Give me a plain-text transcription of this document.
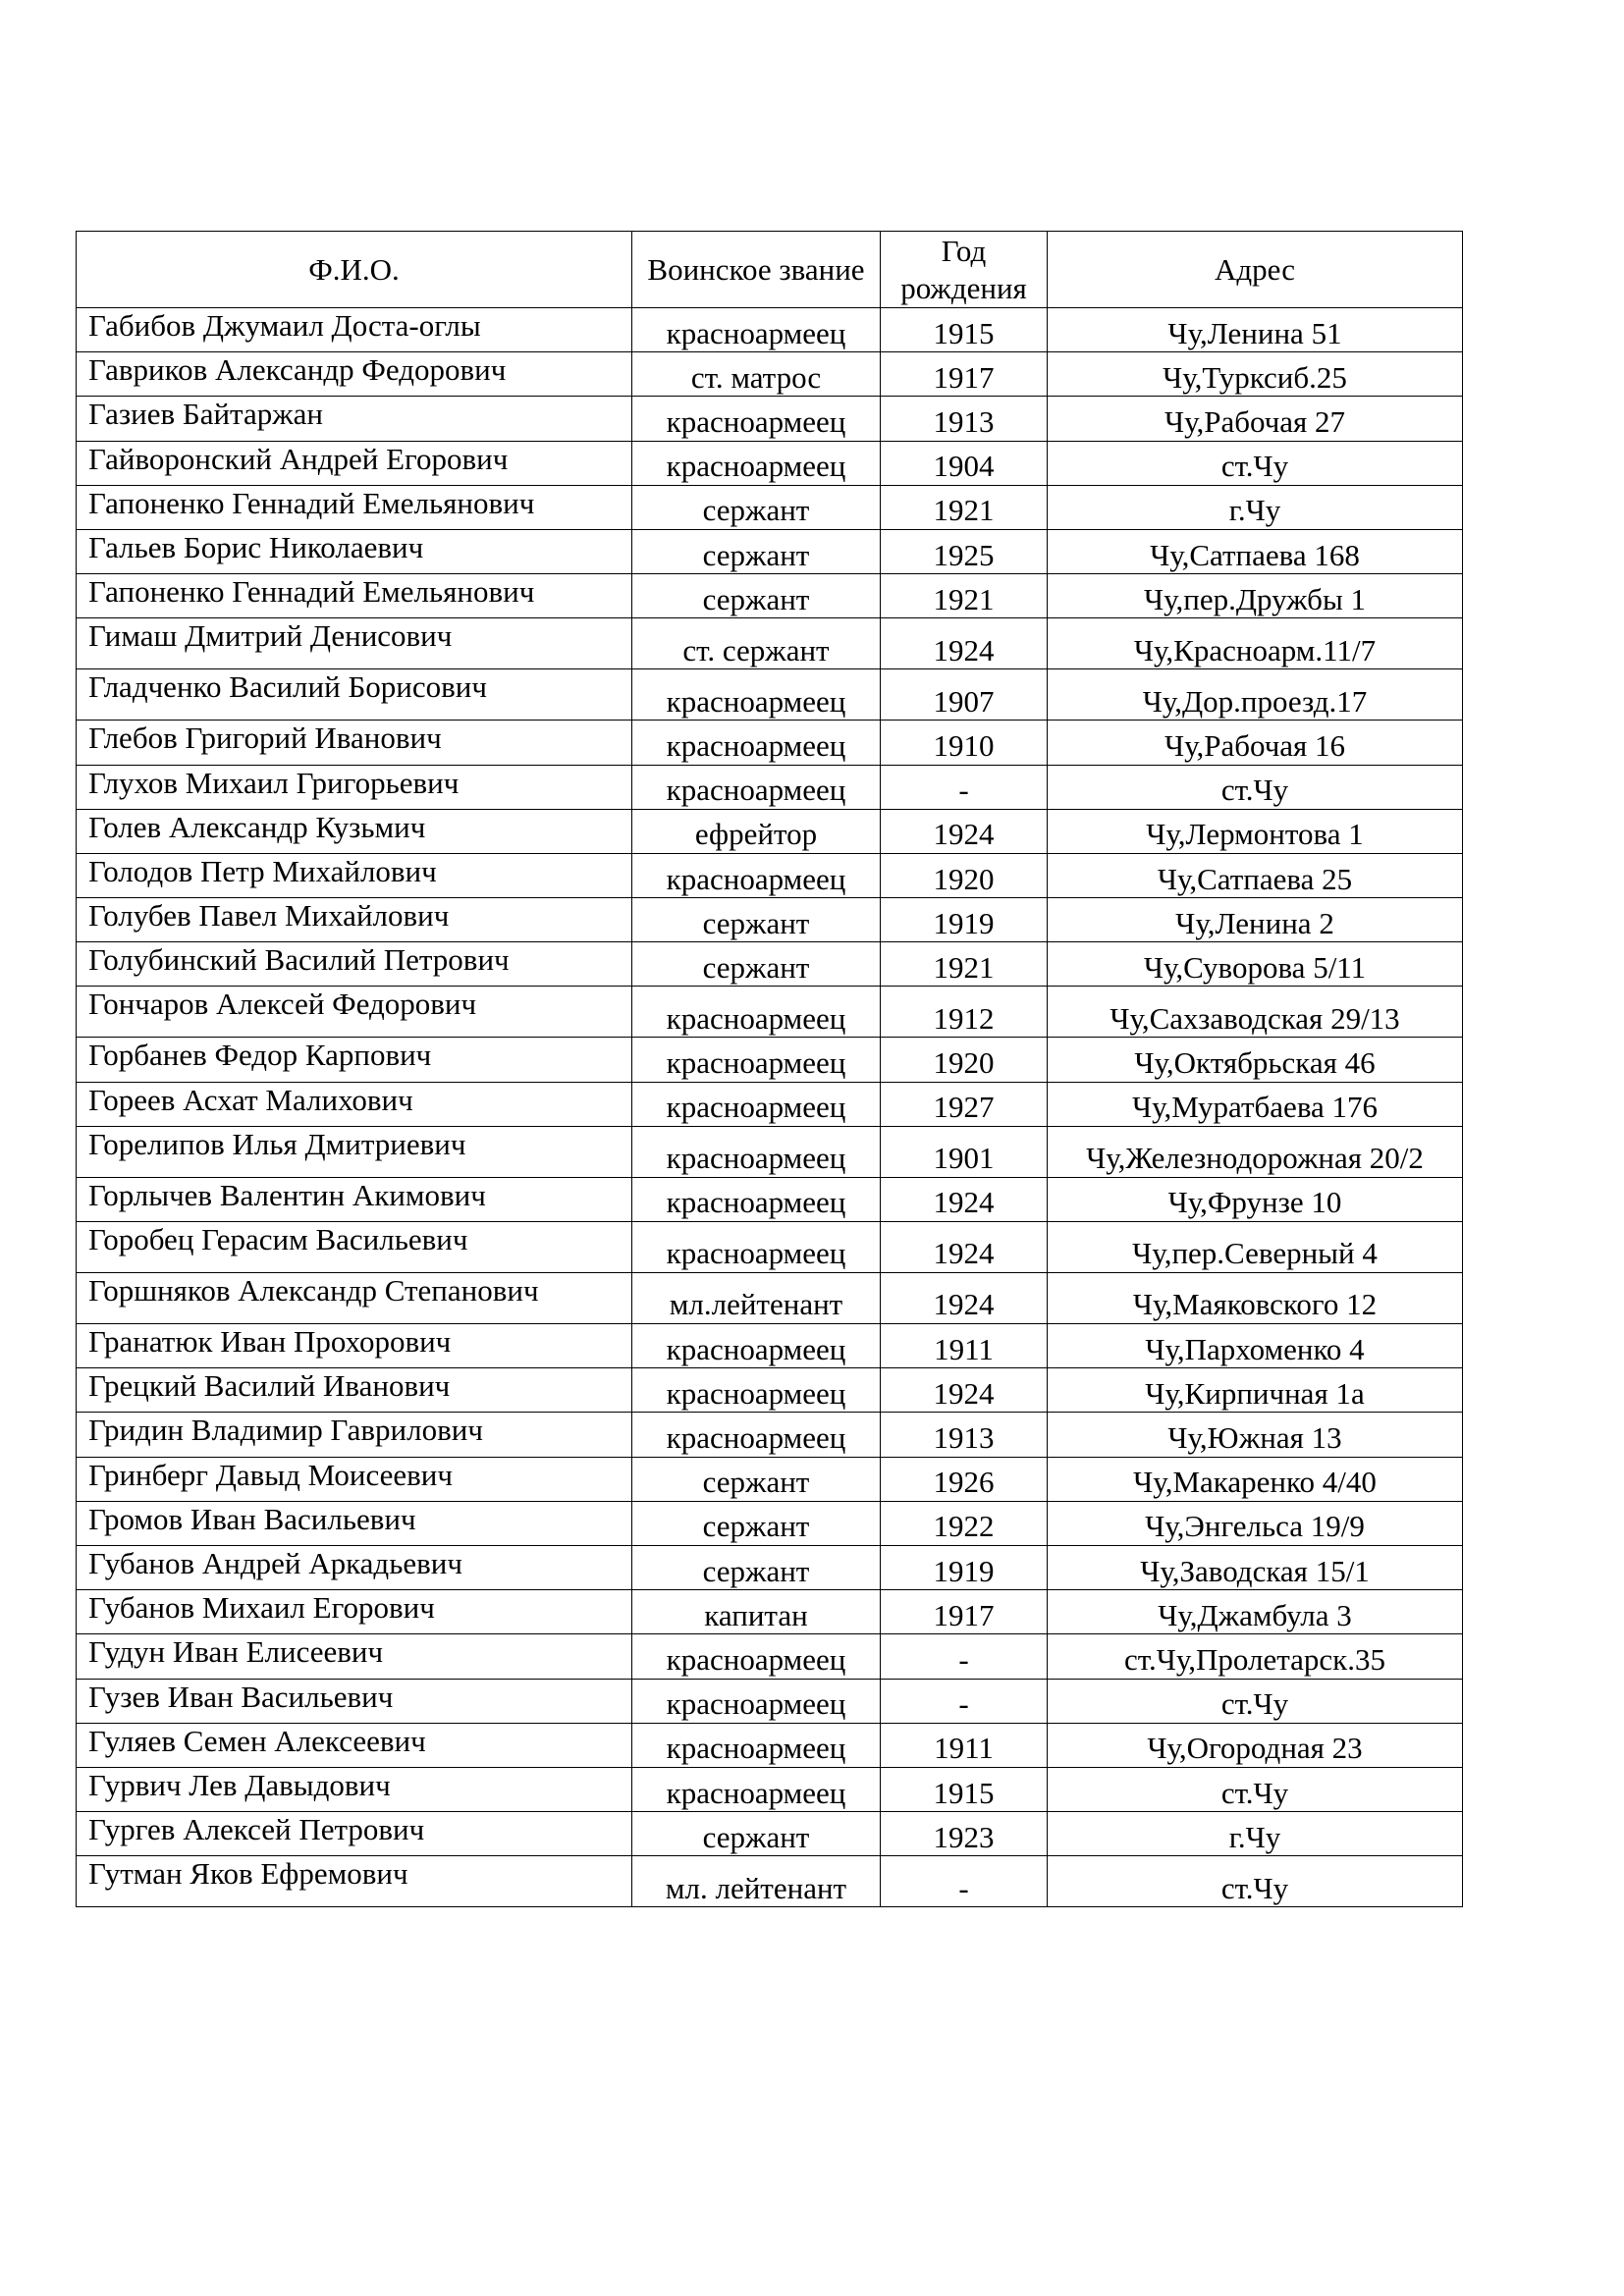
Ф.И.О.	Воинское звание	Год рождения	Адрес
Габибов Джумаил Доста-оглы	красноармеец	1915	Чу,Ленина 51
Гавриков Александр Федорович	ст. матрос	1917	Чу,Турксиб.25
Газиев Байтаржан	красноармеец	1913	Чу,Рабочая 27
Гайворонский Андрей Егорович	красноармеец	1904	ст.Чу
Гапоненко Геннадий Емельянович	сержант	1921	г.Чу
Гальев Борис Николаевич	сержант	1925	Чу,Сатпаева 168
Гапоненко Геннадий Емельянович	сержант	1921	Чу,пер.Дружбы 1
Гимаш Дмитрий Денисович	ст. сержант	1924	Чу,Красноарм.11/7
Гладченко Василий Борисович	красноармеец	1907	Чу,Дор.проезд.17
Глебов Григорий Иванович	красноармеец	1910	Чу,Рабочая 16
Глухов Михаил Григорьевич	красноармеец	-	ст.Чу
Голев Александр Кузьмич	ефрейтор	1924	Чу,Лермонтова 1
Голодов Петр Михайлович	красноармеец	1920	Чу,Сатпаева 25
Голубев Павел Михайлович	сержант	1919	Чу,Ленина 2
Голубинский Василий Петрович	сержант	1921	Чу,Суворова 5/11
Гончаров Алексей Федорович	красноармеец	1912	Чу,Сахзаводская 29/13
Горбанев Федор Карпович	красноармеец	1920	Чу,Октябрьская 46
Гореев Асхат Малихович	красноармеец	1927	Чу,Муратбаева 176
Горелипов Илья Дмитриевич	красноармеец	1901	Чу,Железнодорожная 20/2
Горлычев Валентин Акимович	красноармеец	1924	Чу,Фрунзе 10
Горобец Герасим Васильевич	красноармеец	1924	Чу,пер.Северный 4
Горшняков Александр Степанович	мл.лейтенант	1924	Чу,Маяковского 12
Гранатюк Иван Прохорович	красноармеец	1911	Чу,Пархоменко 4
Грецкий Василий Иванович	красноармеец	1924	Чу,Кирпичная 1а
Гридин Владимир Гаврилович	красноармеец	1913	Чу,Южная 13
Гринберг Давыд Моисеевич	сержант	1926	Чу,Макаренко 4/40
Громов Иван Васильевич	сержант	1922	Чу,Энгельса 19/9
Губанов Андрей Аркадьевич	сержант	1919	Чу,Заводская 15/1
Губанов Михаил Егорович	капитан	1917	Чу,Джамбула 3
Гудун Иван Елисеевич	красноармеец	-	ст.Чу,Пролетарск.35
Гузев Иван Васильевич	красноармеец	-	ст.Чу
Гуляев Семен Алексеевич	красноармеец	1911	Чу,Огородная 23
Гурвич Лев Давыдович	красноармеец	1915	ст.Чу
Гургев Алексей Петрович	сержант	1923	г.Чу
Гутман Яков Ефремович	мл. лейтенант	-	ст.Чу
